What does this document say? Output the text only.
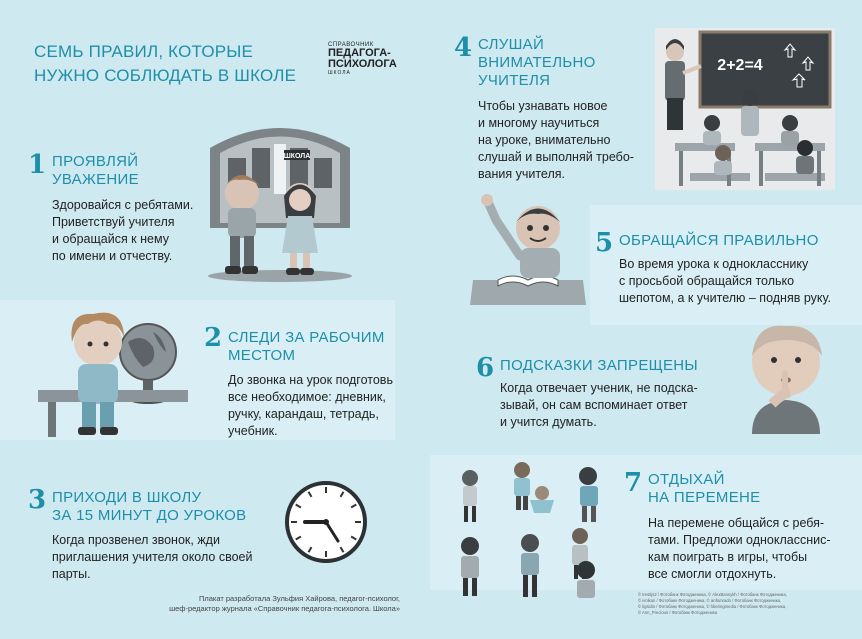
СЕМЬ ПРАВИЛ, КОТОРЫЕ
НУЖНО СОБЛЮДАТЬ В ШКОЛЕ
СПРАВОЧНИК
ПЕДАГОГА-
ПСИХОЛОГА
ШКОЛА
ШКОЛА
2+2=4
1 ПРОЯВЛЯЙ
УВАЖЕНИЕ
Здоровайся с ребятами.
Приветствуй учителя
и обращайся к нему
по имени и отчеству.
2 СЛЕДИ ЗА РАБОЧИМ
МЕСТОМ
До звонка на урок подготовь
все необходимое: дневник,
ручку, карандаш, тетрадь,
учебник.
3 ПРИХОДИ В ШКОЛУ
ЗА 15 МИНУТ ДО УРОКОВ
Когда прозвенел звонок, жди
приглашения учителя около своей
парты.
4 СЛУШАЙ
ВНИМАТЕЛЬНО
УЧИТЕЛЯ
Чтобы узнавать новое
и многому научиться
на уроке, внимательно
слушай и выполняй требо-
вания учителя.
5 ОБРАЩАЙСЯ ПРАВИЛЬНО
Во время урока к однокласснику
с просьбой обращайся только
шепотом, а к учителю – подняв руку.
6 ПОДСКАЗКИ ЗАПРЕЩЕНЫ
Когда отвечает ученик, не подска-
зывай, он сам вспоминает ответ
и учится думать.
7 ОТДЫХАЙ
НА ПЕРЕМЕНЕ
На перемене общайся с ребя-
тами. Предложи однокласснис-
кам поиграть в игры, чтобы
все смогли отдохнуть.
Плакат разработала Зульфия Хайрова, педагог-психолог,
шеф-редактор журнала «Справочник педагога-психолога. Школа»
© trestijs2 / Фотобанк Фотодженика, © AlexBannykh / Фотобанк Фотодженика,
© ivnikan / Фотобанк Фотодженика, © anfomrado / Фотобанк Фотодженика,
© ligsidio / Фотобанк Фотодженика, © hberingmedia / Фотобанк Фотодженика,
© Ann_Precious / Фотобанк Фотодженика
